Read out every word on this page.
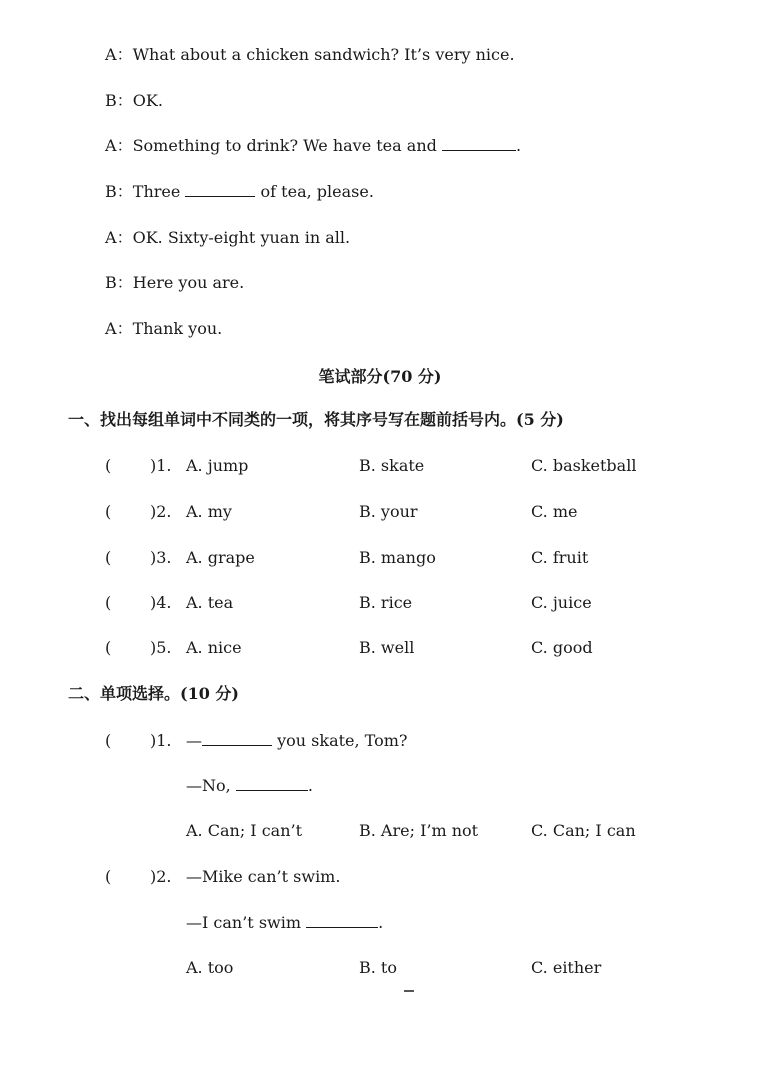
A：What about a chicken sandwich? It’s very nice.
B：OK.
A：Something to drink? We have tea and	.
B：Three	of tea, please.
A：OK. Sixty-eight yuan in all.
B：Here you are.
A：Thank you.
笔试部分(70 分)
一、找出每组单词中不同类的一项，将其序号写在题前括号内。(5 分)
( )1. A. jump	B. skate	C. basketball
( )2. A. my	B. your	C. me
( )3. A. grape	B. mango	C. fruit
( )4. A. tea	B. rice	C. juice
( )5. A. nice	B. well	C. good
二、单项选择。(10 分)
( )1. —	you skate, Tom?
—No,	.
A. Can; I can’t	B. Are; I’m not	C. Can; I can
( )2. —Mike can’t swim.
—I can’t swim	.
A. too	B. to	C. either
